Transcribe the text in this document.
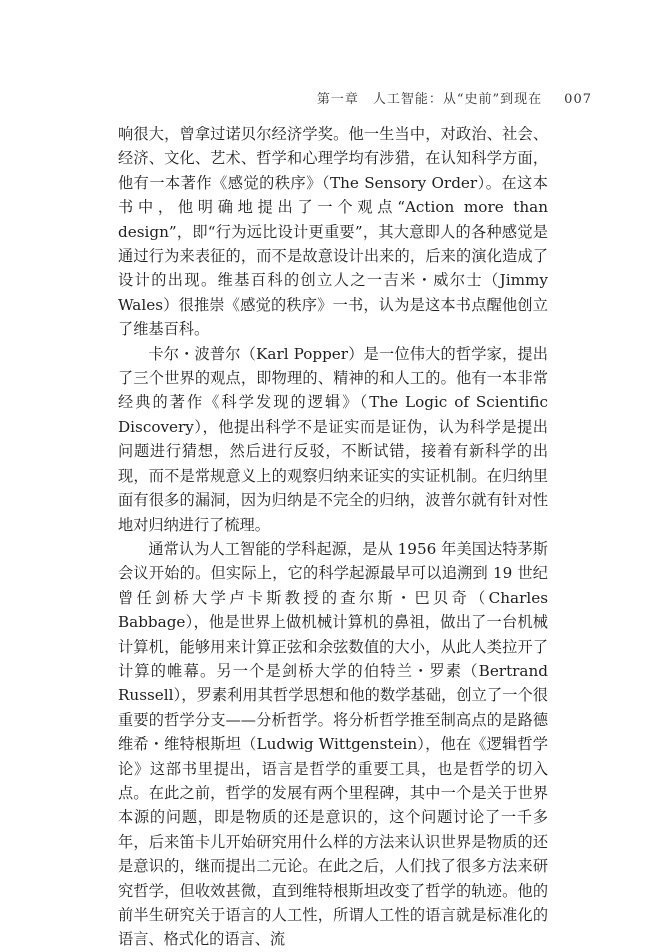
第一章　人工智能：从“史前”到现在 007

响很大，曾拿过诺贝尔经济学奖。他一生当中，对政治、社会、经济、文化、艺术、哲学和心理学均有涉猎，在认知科学方面，他有一本著作《感觉的秩序》（The Sensory Order）。在这本书中，他明确地提出了一个观点“Action more than design”，即“行为远比设计更重要”，其大意即人的各种感觉是通过行为来表征的，而不是故意设计出来的，后来的演化造成了设计的出现。维基百科的创立人之一吉米・威尔士（Jimmy Wales）很推崇《感觉的秩序》一书，认为是这本书点醒他创立了维基百科。

卡尔・波普尔（Karl Popper）是一位伟大的哲学家，提出了三个世界的观点，即物理的、精神的和人工的。他有一本非常经典的著作《科学发现的逻辑》（The Logic of Scientific Discovery），他提出科学不是证实而是证伪，认为科学是提出问题进行猜想，然后进行反驳，不断试错，接着有新科学的出现，而不是常规意义上的观察归纳来证实的实证机制。在归纳里面有很多的漏洞，因为归纳是不完全的归纳，波普尔就有针对性地对归纳进行了梳理。

通常认为人工智能的学科起源，是从 1956 年美国达特茅斯会议开始的。但实际上，它的科学起源最早可以追溯到 19 世纪曾任剑桥大学卢卡斯教授的查尔斯・巴贝奇（Charles Babbage），他是世界上做机械计算机的鼻祖，做出了一台机械计算机，能够用来计算正弦和余弦数值的大小，从此人类拉开了计算的帷幕。另一个是剑桥大学的伯特兰・罗素（Bertrand Russell），罗素利用其哲学思想和他的数学基础，创立了一个很重要的哲学分支——分析哲学。将分析哲学推至制高点的是路德维希・维特根斯坦（Ludwig Wittgenstein），他在《逻辑哲学论》这部书里提出，语言是哲学的重要工具，也是哲学的切入点。在此之前，哲学的发展有两个里程碑，其中一个是关于世界本源的问题，即是物质的还是意识的，这个问题讨论了一千多年，后来笛卡儿开始研究用什么样的方法来认识世界是物质的还是意识的，继而提出二元论。在此之后，人们找了很多方法来研究哲学，但收效甚微，直到维特根斯坦改变了哲学的轨迹。他的前半生研究关于语言的人工性，所谓人工性的语言就是标准化的语言、格式化的语言、流
